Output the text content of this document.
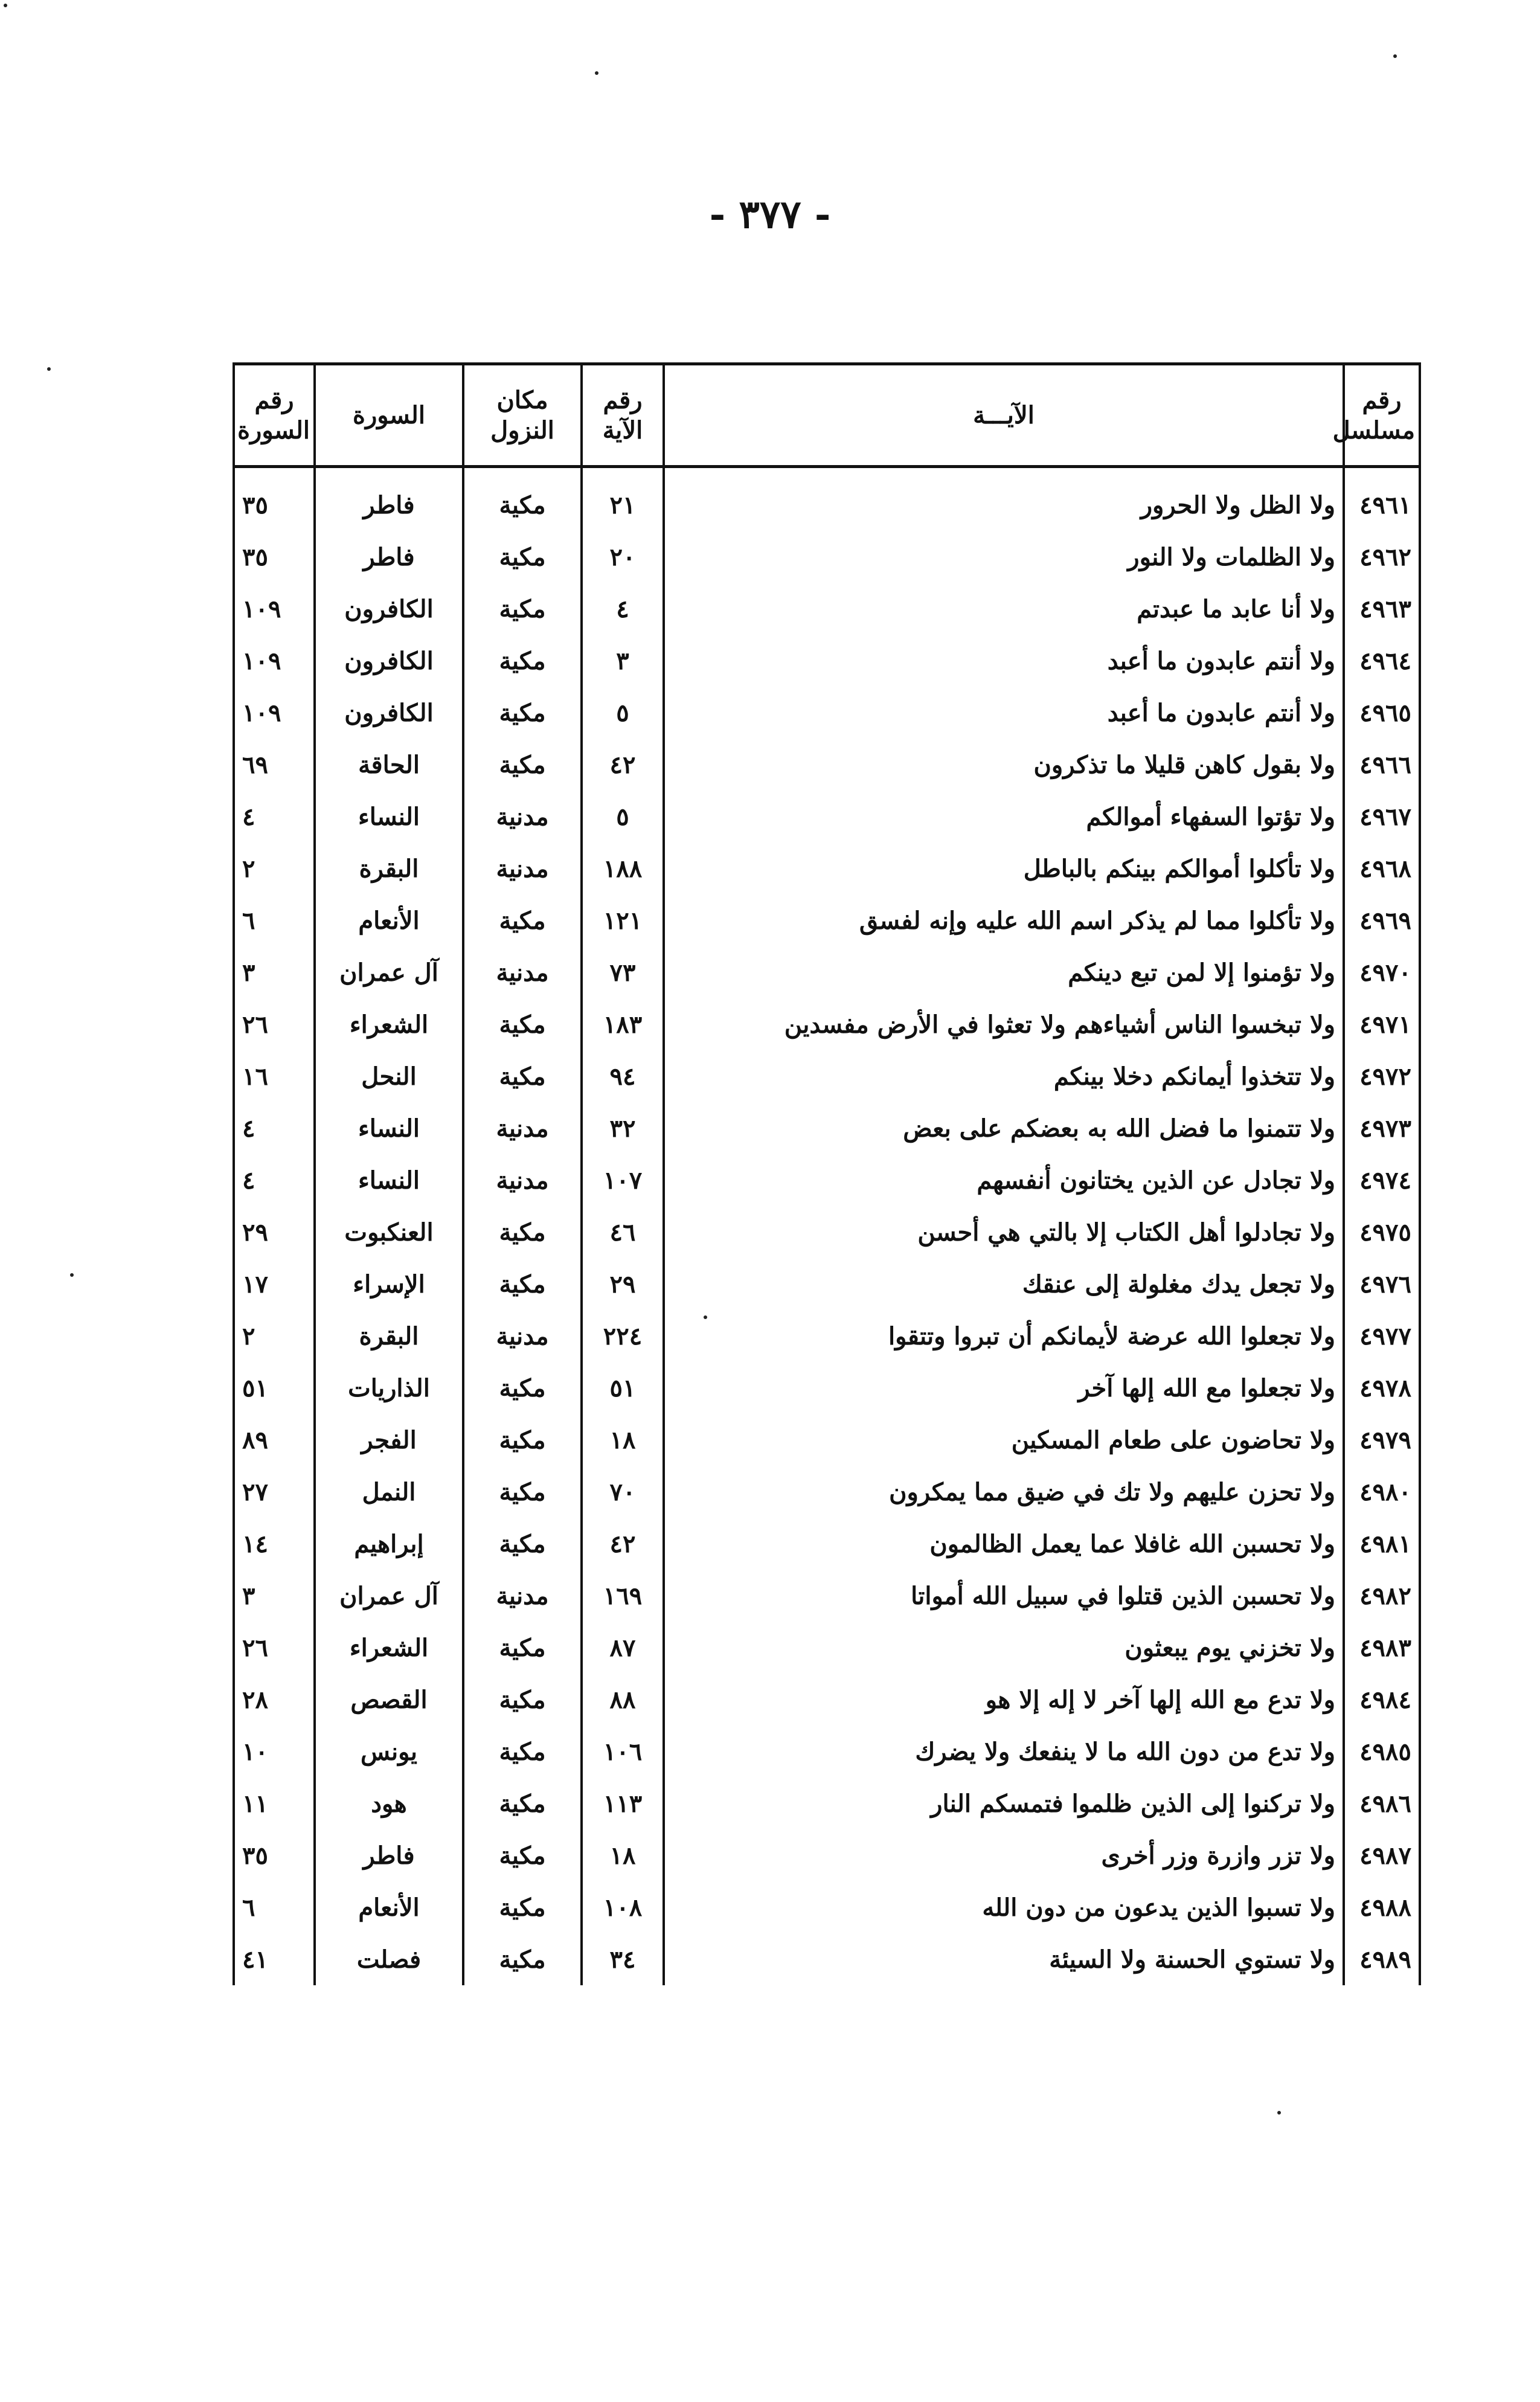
- ٣٧٧ -
رقم مسلسل	الآيـــة	رقم الآية	مكان النزول	السورة	رقم السورة
٤٩٦١	ولا الظل ولا الحرور	٢١	مكية	فاطر	٣٥
٤٩٦٢	ولا الظلمات ولا النور	٢٠	مكية	فاطر	٣٥
٤٩٦٣	ولا أنا عابد ما عبدتم	٤	مكية	الكافرون	١٠٩
٤٩٦٤	ولا أنتم عابدون ما أعبد	٣	مكية	الكافرون	١٠٩
٤٩٦٥	ولا أنتم عابدون ما أعبد	٥	مكية	الكافرون	١٠٩
٤٩٦٦	ولا بقول كاهن قليلا ما تذكرون	٤٢	مكية	الحاقة	٦٩
٤٩٦٧	ولا تؤتوا السفهاء أموالكم	٥	مدنية	النساء	٤
٤٩٦٨	ولا تأكلوا أموالكم بينكم بالباطل	١٨٨	مدنية	البقرة	٢
٤٩٦٩	ولا تأكلوا مما لم يذكر اسم الله عليه وإنه لفسق	١٢١	مكية	الأنعام	٦
٤٩٧٠	ولا تؤمنوا إلا لمن تبع دينكم	٧٣	مدنية	آل عمران	٣
٤٩٧١	ولا تبخسوا الناس أشياءهم ولا تعثوا في الأرض مفسدين	١٨٣	مكية	الشعراء	٢٦
٤٩٧٢	ولا تتخذوا أيمانكم دخلا بينكم	٩٤	مكية	النحل	١٦
٤٩٧٣	ولا تتمنوا ما فضل الله به بعضكم على بعض	٣٢	مدنية	النساء	٤
٤٩٧٤	ولا تجادل عن الذين يختانون أنفسهم	١٠٧	مدنية	النساء	٤
٤٩٧٥	ولا تجادلوا أهل الكتاب إلا بالتي هي أحسن	٤٦	مكية	العنكبوت	٢٩
٤٩٧٦	ولا تجعل يدك مغلولة إلى عنقك	٢٩	مكية	الإسراء	١٧
٤٩٧٧	ولا تجعلوا الله عرضة لأيمانكم أن تبروا وتتقوا	٢٢٤	مدنية	البقرة	٢
٤٩٧٨	ولا تجعلوا مع الله إلها آخر	٥١	مكية	الذاريات	٥١
٤٩٧٩	ولا تحاضون على طعام المسكين	١٨	مكية	الفجر	٨٩
٤٩٨٠	ولا تحزن عليهم ولا تك في ضيق مما يمكرون	٧٠	مكية	النمل	٢٧
٤٩٨١	ولا تحسبن الله غافلا عما يعمل الظالمون	٤٢	مكية	إبراهيم	١٤
٤٩٨٢	ولا تحسبن الذين قتلوا في سبيل الله أمواتا	١٦٩	مدنية	آل عمران	٣
٤٩٨٣	ولا تخزني يوم يبعثون	٨٧	مكية	الشعراء	٢٦
٤٩٨٤	ولا تدع مع الله إلها آخر لا إله إلا هو	٨٨	مكية	القصص	٢٨
٤٩٨٥	ولا تدع من دون الله ما لا ينفعك ولا يضرك	١٠٦	مكية	يونس	١٠
٤٩٨٦	ولا تركنوا إلى الذين ظلموا فتمسكم النار	١١٣	مكية	هود	١١
٤٩٨٧	ولا تزر وازرة وزر أخرى	١٨	مكية	فاطر	٣٥
٤٩٨٨	ولا تسبوا الذين يدعون من دون الله	١٠٨	مكية	الأنعام	٦
٤٩٨٩	ولا تستوي الحسنة ولا السيئة	٣٤	مكية	فصلت	٤١
